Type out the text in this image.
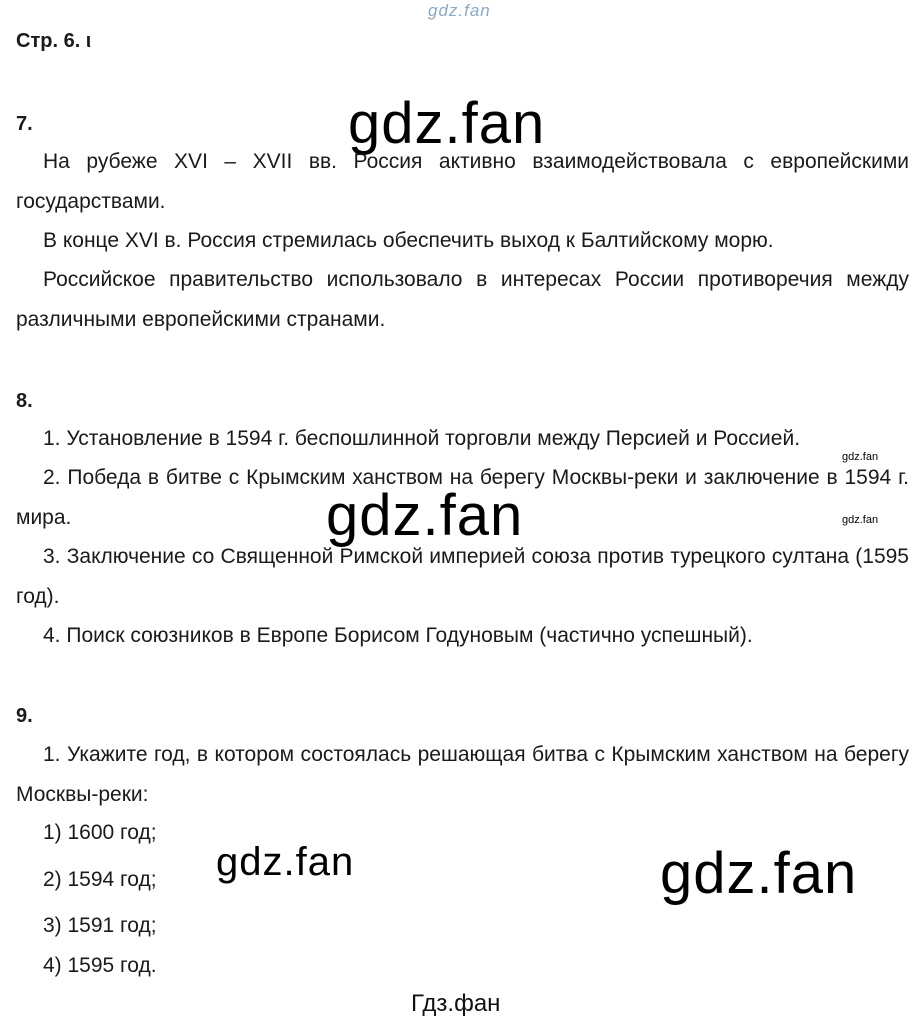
gdz.fan
gdz.fan
gdz.fan
gdz.fan	gdz.fan
gdz.fan
gdz.fan
Стр. 6. ι
7.
На рубеже XVI – XVII вв. Россия активно взаимодействовала с европейскими государствами.
В конце XVI в. Россия стремилась обеспечить выход к Балтийскому морю.
Российское правительство использовало в интересах России противоречия между различными европейскими странами.
8.
1. Установление в 1594 г. беспошлинной торговли между Персией и Россией.
2. Победа в битве с Крымским ханством на берегу Москвы-реки и заключение в 1594 г. мира.
3. Заключение со Священной Римской империей союза против турецкого султана (1595 год).
4. Поиск союзников в Европе Борисом Годуновым (частично успешный).
9.
1. Укажите год, в котором состоялась решающая битва с Крымским ханством на берегу Москвы-реки:
1) 1600 год;
2) 1594 год;
3) 1591 год;
4) 1595 год.
Гдз.фан
